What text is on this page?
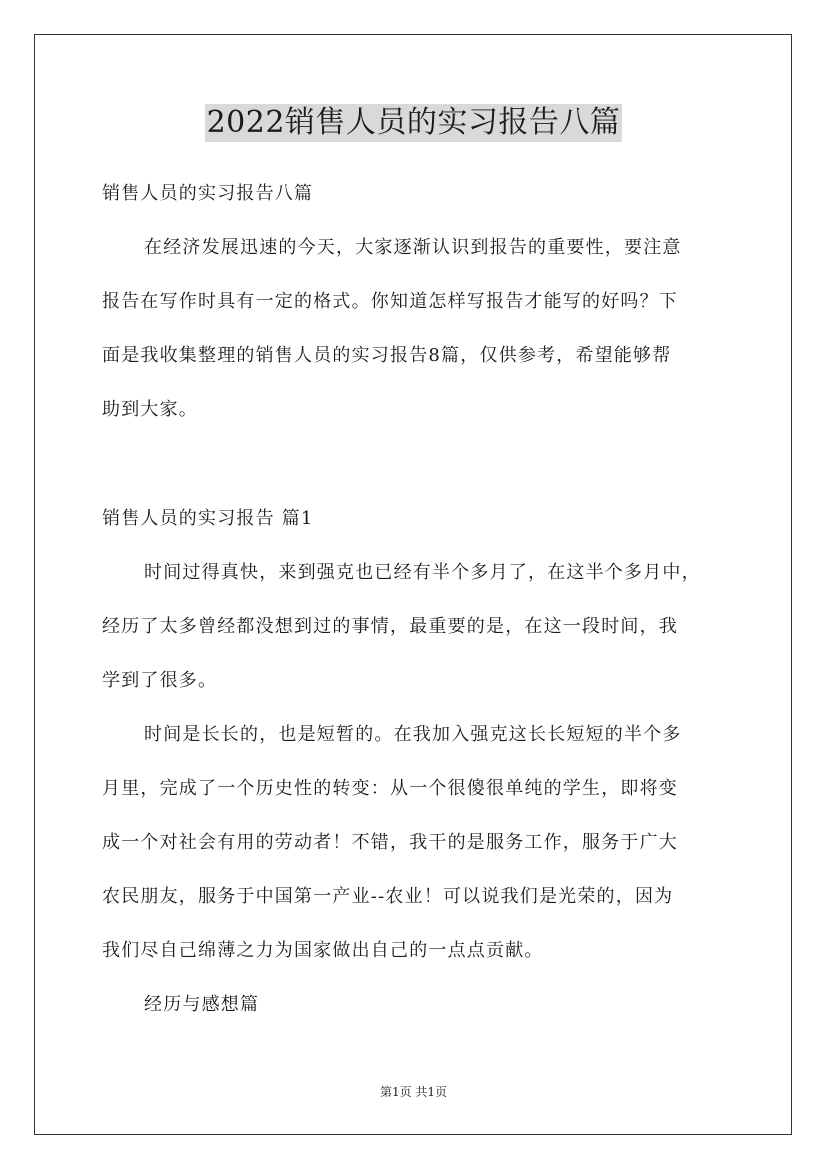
2022销售人员的实习报告八篇
销售人员的实习报告八篇
在经济发展迅速的今天，大家逐渐认识到报告的重要性，要注意
报告在写作时具有一定的格式。你知道怎样写报告才能写的好吗？下
面是我收集整理的销售人员的实习报告8篇，仅供参考，希望能够帮
助到大家。
销售人员的实习报告 篇1
时间过得真快，来到强克也已经有半个多月了，在这半个多月中，
经历了太多曾经都没想到过的事情，最重要的是，在这一段时间，我
学到了很多。
时间是长长的，也是短暂的。在我加入强克这长长短短的半个多
月里，完成了一个历史性的转变：从一个很傻很单纯的学生，即将变
成一个对社会有用的劳动者！不错，我干的是服务工作，服务于广大
农民朋友，服务于中国第一产业--农业！可以说我们是光荣的，因为
我们尽自己绵薄之力为国家做出自己的一点点贡献。
经历与感想篇
第1页 共1页
